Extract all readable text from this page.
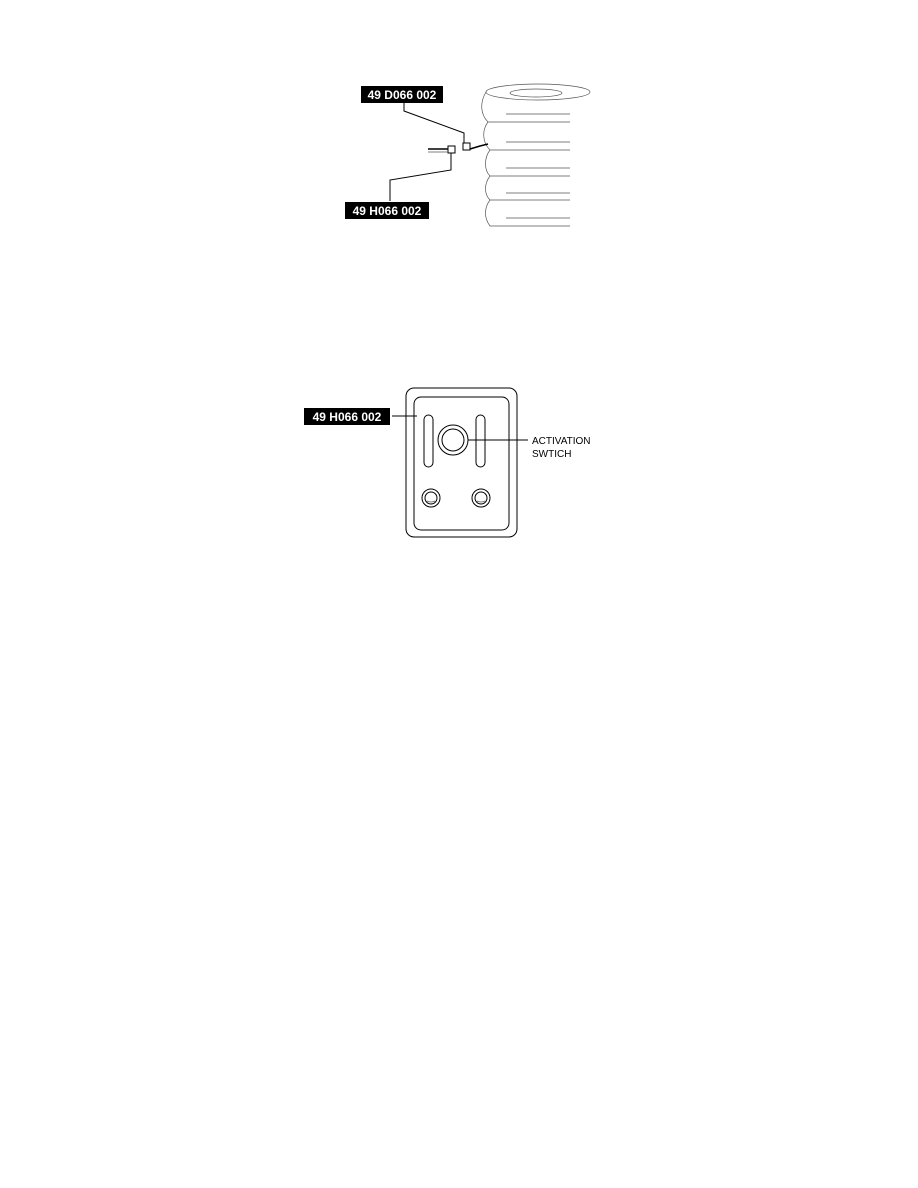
49 D066 002
49 H066 002
49 H066 002
ACTIVATION
SWTICH
